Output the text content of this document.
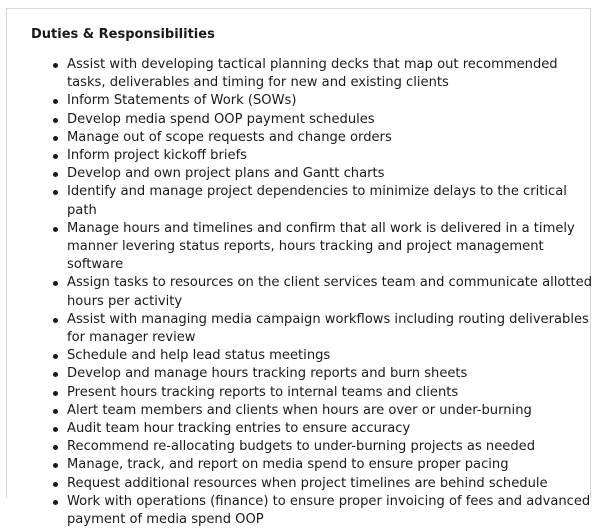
Duties & Responsibilities
Assist with developing tactical planning decks that map out recommended tasks, deliverables and timing for new and existing clients
Inform Statements of Work (SOWs)
Develop media spend OOP payment schedules
Manage out of scope requests and change orders
Inform project kickoff briefs
Develop and own project plans and Gantt charts
Identify and manage project dependencies to minimize delays to the critical path
Manage hours and timelines and confirm that all work is delivered in a timely manner levering status reports, hours tracking and project management software
Assign tasks to resources on the client services team and communicate allotted hours per activity
Assist with managing media campaign workflows including routing deliverables for manager review
Schedule and help lead status meetings
Develop and manage hours tracking reports and burn sheets
Present hours tracking reports to internal teams and clients
Alert team members and clients when hours are over or under-burning
Audit team hour tracking entries to ensure accuracy
Recommend re-allocating budgets to under-burning projects as needed
Manage, track, and report on media spend to ensure proper pacing
Request additional resources when project timelines are behind schedule
Work with operations (finance) to ensure proper invoicing of fees and advanced payment of media spend OOP
